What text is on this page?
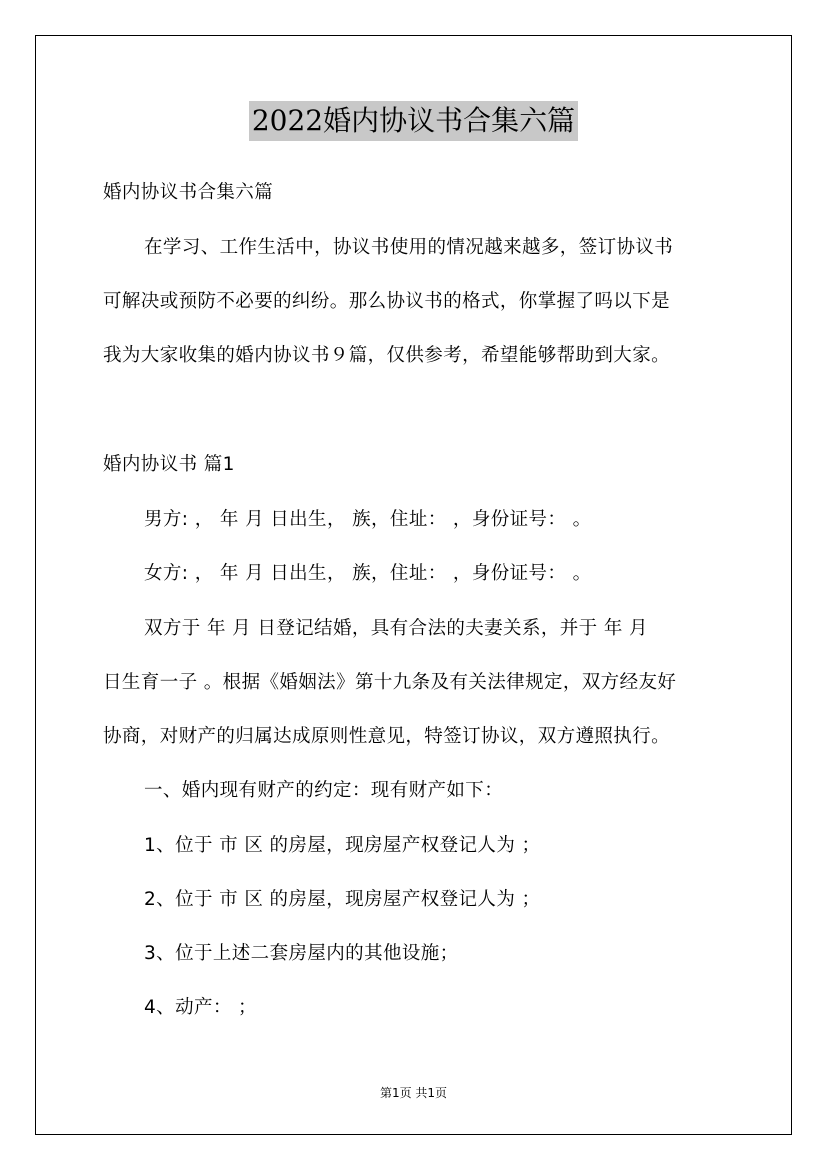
2022婚内协议书合集六篇

婚内协议书合集六篇

在学习、工作生活中，协议书使用的情况越来越多，签订协议书

可解决或预防不必要的纠纷。那么协议书的格式，你掌握了吗以下是

我为大家收集的婚内协议书９篇，仅供参考，希望能够帮助到大家。

婚内协议书 篇1

男方: ， 年 月 日出生， 族，住址： ，身份证号： 。

女方: ， 年 月 日出生， 族，住址： ，身份证号： 。

双方于 年 月 日登记结婚，具有合法的夫妻关系，并于 年 月

日生育一子 。根据《婚姻法》第十九条及有关法律规定，双方经友好

协商，对财产的归属达成原则性意见，特签订协议，双方遵照执行。

一、婚内现有财产的约定：现有财产如下：

1、位于 市 区 的房屋，现房屋产权登记人为 ；

2、位于 市 区 的房屋，现房屋产权登记人为 ；

3、位于上述二套房屋内的其他设施；

4、动产： ；

第1页 共1页
